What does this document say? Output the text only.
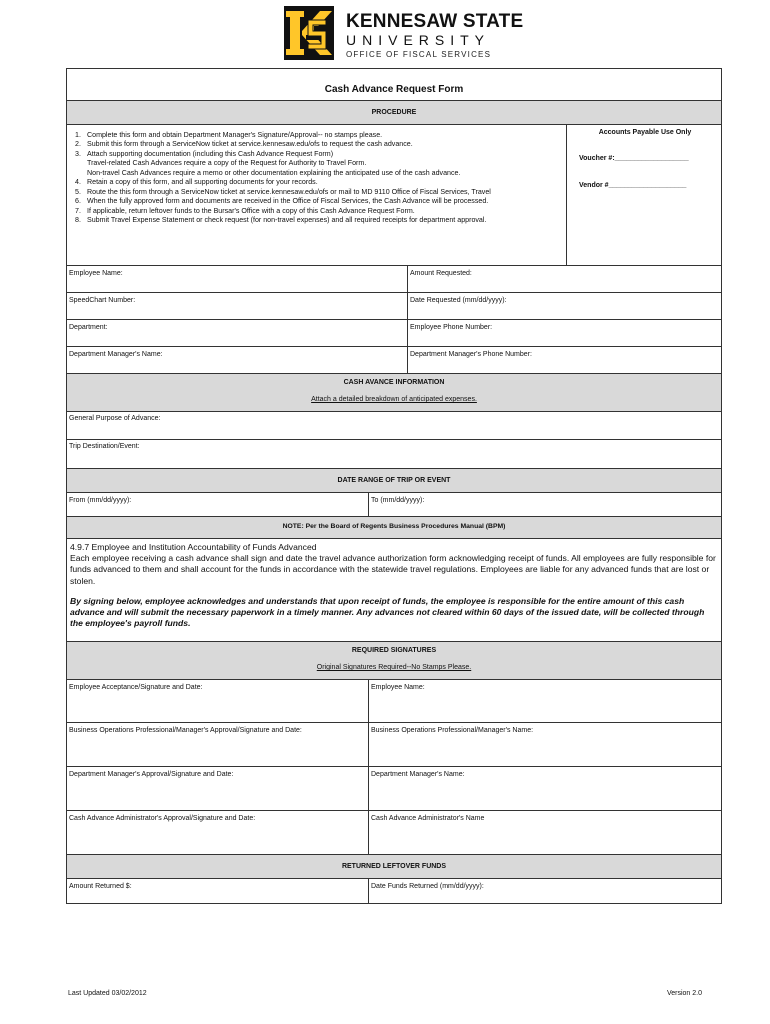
KENNESAW STATE
UNIVERSITY
OFFICE OF FISCAL SERVICES
Cash Advance Request Form
PROCEDURE
1. Complete this form and obtain Department Manager's Signature/Approval-- no stamps please.
2. Submit this form through a ServiceNow ticket at service.kennesaw.edu/ofs to request the cash advance.
3. Attach supporting documentation (including this Cash Advance Request Form)
Travel-related Cash Advances require a copy of the Request for Authority to Travel Form.
Non-travel Cash Advances require a memo or other documentation explaining the anticipated use of the cash advance.
4. Retain a copy of this form, and all supporting documents for your records.
5. Route the this form through a ServiceNow ticket at service.kennesaw.edu/ofs or mail to MD 9110 Office of Fiscal Services, Travel
6. When the fully approved form and documents are received in the Office of Fiscal Services, the Cash Advance will be processed.
7. If applicable, return leftover funds to the Bursar's Office with a copy of this Cash Advance Request Form.
8. Submit Travel Expense Statement or check request (for non-travel expenses) and all required receipts for department approval.
Accounts Payable Use Only
Voucher #:___________________
Vendor #____________________
Employee Name:	Amount Requested:
SpeedChart Number:	Date Requested (mm/dd/yyyy):
Department:	Employee Phone Number:
Department Manager's Name:	Department Manager's Phone Number:
CASH AVANCE INFORMATION
Attach a detailed breakdown of anticipated expenses.
General Purpose of Advance:
Trip Destination/Event:
DATE RANGE OF TRIP OR EVENT
From (mm/dd/yyyy):	To (mm/dd/yyyy):
NOTE: Per the Board of Regents Business Procedures Manual (BPM)
4.9.7 Employee and Institution Accountability of Funds Advanced
Each employee receiving a cash advance shall sign and date the travel advance authorization form acknowledging receipt of funds. All employees are fully responsible for funds advanced to them and shall account for the funds in accordance with the statewide travel regulations. Employees are liable for any advanced funds that are lost or stolen.
By signing below, employee acknowledges and understands that upon receipt of funds, the employee is responsible for the entire amount of this cash advance and will submit the necessary paperwork in a timely manner. Any advances not cleared within 60 days of the issued date, will be collected through the employee's payroll funds.
REQUIRED SIGNATURES
Original Signatures Required--No Stamps Please.
Employee Acceptance/Signature and Date:	Employee Name:
Business Operations Professional/Manager's Approval/Signature and Date:	Business Operations Professional/Manager's Name:
Department Manager's Approval/Signature and Date:	Department Manager's Name:
Cash Advance Administrator's Approval/Signature and Date:	Cash Advance Administrator's Name
RETURNED LEFTOVER FUNDS
Amount Returned $:	Date Funds Returned (mm/dd/yyyy):
Last Updated 03/02/2012	Version 2.0
